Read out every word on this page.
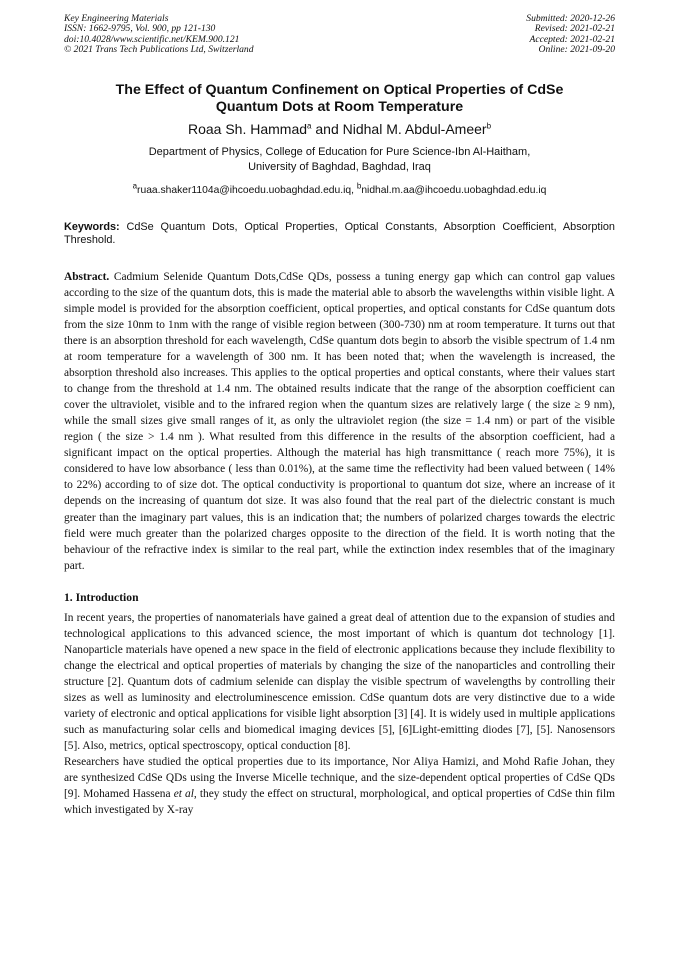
Key Engineering Materials
ISSN: 1662-9795, Vol. 900, pp 121-130
doi:10.4028/www.scientific.net/KEM.900.121
© 2021 Trans Tech Publications Ltd, Switzerland
Submitted: 2020-12-26
Revised: 2021-02-21
Accepted: 2021-02-21
Online: 2021-09-20
The Effect of Quantum Confinement on Optical Properties of CdSe
Quantum Dots at Room Temperature
Roaa Sh. Hammad$^a$ and Nidhal M. Abdul-Ameer$^b$
Department of Physics, College of Education for Pure Science-Ibn Al-Haitham,
University of Baghdad, Baghdad, Iraq
$^a$ruaa.shaker1104a@ihcoedu.uobaghdad.edu.iq, $^b$nidhal.m.aa@ihcoedu.uobaghdad.edu.iq
Keywords: CdSe Quantum Dots, Optical Properties, Optical Constants, Absorption Coefficient, Absorption Threshold.
Abstract. Cadmium Selenide Quantum Dots,CdSe QDs, possess a tuning energy gap which can control gap values according to the size of the quantum dots, this is made the material able to absorb the wavelengths within visible light. A simple model is provided for the absorption coefficient, optical properties, and optical constants for CdSe quantum dots from the size 10nm to 1nm with the range of visible region between (300-730) nm at room temperature. It turns out that there is an absorption threshold for each wavelength, CdSe quantum dots begin to absorb the visible spectrum of 1.4 nm at room temperature for a wavelength of 300 nm. It has been noted that; when the wavelength is increased, the absorption threshold also increases. This applies to the optical properties and optical constants, where their values start to change from the threshold at 1.4 nm. The obtained results indicate that the range of the absorption coefficient can cover the ultraviolet, visible and to the infrared region when the quantum sizes are relatively large ( the size ≥ 9 nm), while the small sizes give small ranges of it, as only the ultraviolet region (the size = 1.4 nm) or part of the visible region ( the size > 1.4 nm ). What resulted from this difference in the results of the absorption coefficient, had a significant impact on the optical properties. Although the material has high transmittance ( reach more 75%), it is considered to have low absorbance ( less than 0.01%), at the same time the reflectivity had been valued between ( 14% to 22%) according to of size dot. The optical conductivity is proportional to quantum dot size, where an increase of it depends on the increasing of quantum dot size. It was also found that the real part of the dielectric constant is much greater than the imaginary part values, this is an indication that; the numbers of polarized charges towards the electric field were much greater than the polarized charges opposite to the direction of the field. It is worth noting that the behaviour of the refractive index is similar to the real part, while the extinction index resembles that of the imaginary part.
1. Introduction
In recent years, the properties of nanomaterials have gained a great deal of attention due to the expansion of studies and technological applications to this advanced science, the most important of which is quantum dot technology [1]. Nanoparticle materials have opened a new space in the field of electronic applications because they include flexibility to change the electrical and optical properties of materials by changing the size of the nanoparticles and controlling their structure [2]. Quantum dots of cadmium selenide can display the visible spectrum of wavelengths by controlling their sizes as well as luminosity and electroluminescence emission. CdSe quantum dots are very distinctive due to a wide variety of electronic and optical applications for visible light absorption [3] [4]. It is widely used in multiple applications such as manufacturing solar cells and biomedical imaging devices [5], [6]Light-emitting diodes [7], [5]. Nanosensors [5]. Also, metrics, optical spectroscopy, optical conduction [8].
Researchers have studied the optical properties due to its importance, Nor Aliya Hamizi, and Mohd Rafie Johan, they are synthesized CdSe QDs using the Inverse Micelle technique, and the size-dependent optical properties of CdSe QDs [9]. Mohamed Hassena et al, they study the effect on structural, morphological, and optical properties of CdSe thin film which investigated by X-ray
